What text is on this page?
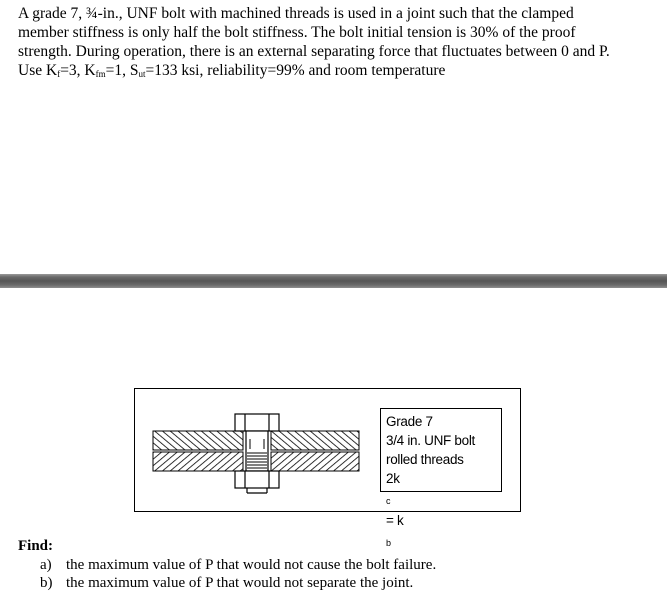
A grade 7, ¾-in., UNF bolt with machined threads is used in a joint such that the clamped
member stiffness is only half the bolt stiffness. The bolt initial tension is 30% of the proof
strength. During operation, there is an external separating force that fluctuates between 0 and P.
Use $K_f=3$, $K_{fm}=1$, $S_{ut}=133$ ksi, reliability=99% and room temperature
Grade 7
3/4 in. UNF bolt
rolled threads
2k
$_c$
= k
$_b$
Find:
a) the maximum value of P that would not cause the bolt failure.
b) the maximum value of P that would not separate the joint.
